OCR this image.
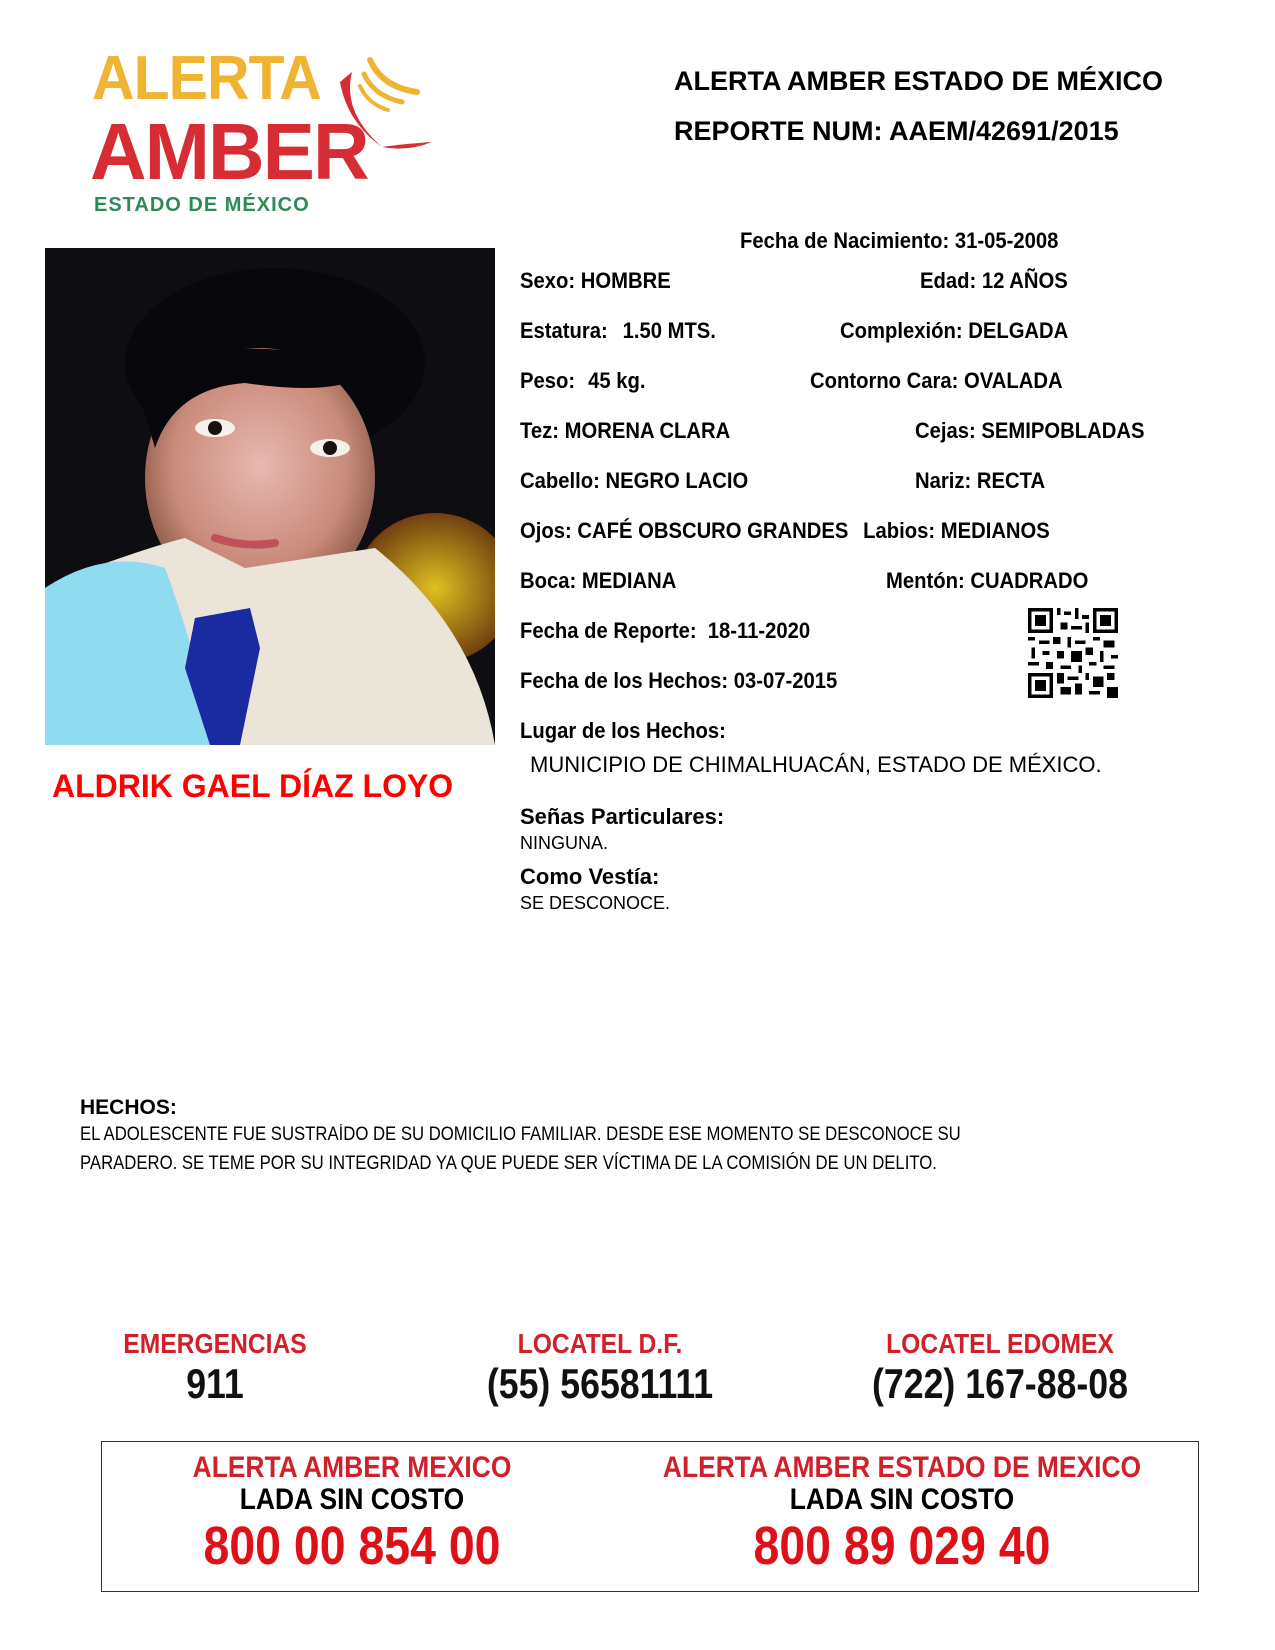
ALERTA
AMBER
ESTADO DE MÉXICO
ALERTA AMBER ESTADO DE MÉXICO
REPORTE NUM: AAEM/42691/2015
ALDRIK GAEL DÍAZ LOYO
Fecha de Nacimiento: 31-05-2008
Sexo: HOMBRE	Edad: 12 AÑOS
Estatura: 1.50 MTS.	Complexión: DELGADA
Peso: 45 kg.	Contorno Cara: OVALADA
Tez: MORENA CLARA	Cejas: SEMIPOBLADAS
Cabello: NEGRO LACIO	Nariz: RECTA
Ojos: CAFÉ OBSCURO GRANDES Labios: MEDIANOS
Boca: MEDIANA	Mentón: CUADRADO
Fecha de Reporte: 18-11-2020
Fecha de los Hechos: 03-07-2015
Lugar de los Hechos:
MUNICIPIO DE CHIMALHUACÁN, ESTADO DE MÉXICO.
Señas Particulares:
NINGUNA.
Como Vestía:
SE DESCONOCE.
HECHOS:
EL ADOLESCENTE FUE SUSTRAÍDO DE SU DOMICILIO FAMILIAR. DESDE ESE MOMENTO SE DESCONOCE SU
PARADERO. SE TEME POR SU INTEGRIDAD YA QUE PUEDE SER VÍCTIMA DE LA COMISIÓN DE UN DELITO.
EMERGENCIAS
911
LOCATEL D.F.
(55) 56581111
LOCATEL EDOMEX
(722) 167-88-08
ALERTA AMBER MEXICO
LADA SIN COSTO
800 00 854 00
ALERTA AMBER ESTADO DE MEXICO
LADA SIN COSTO
800 89 029 40
